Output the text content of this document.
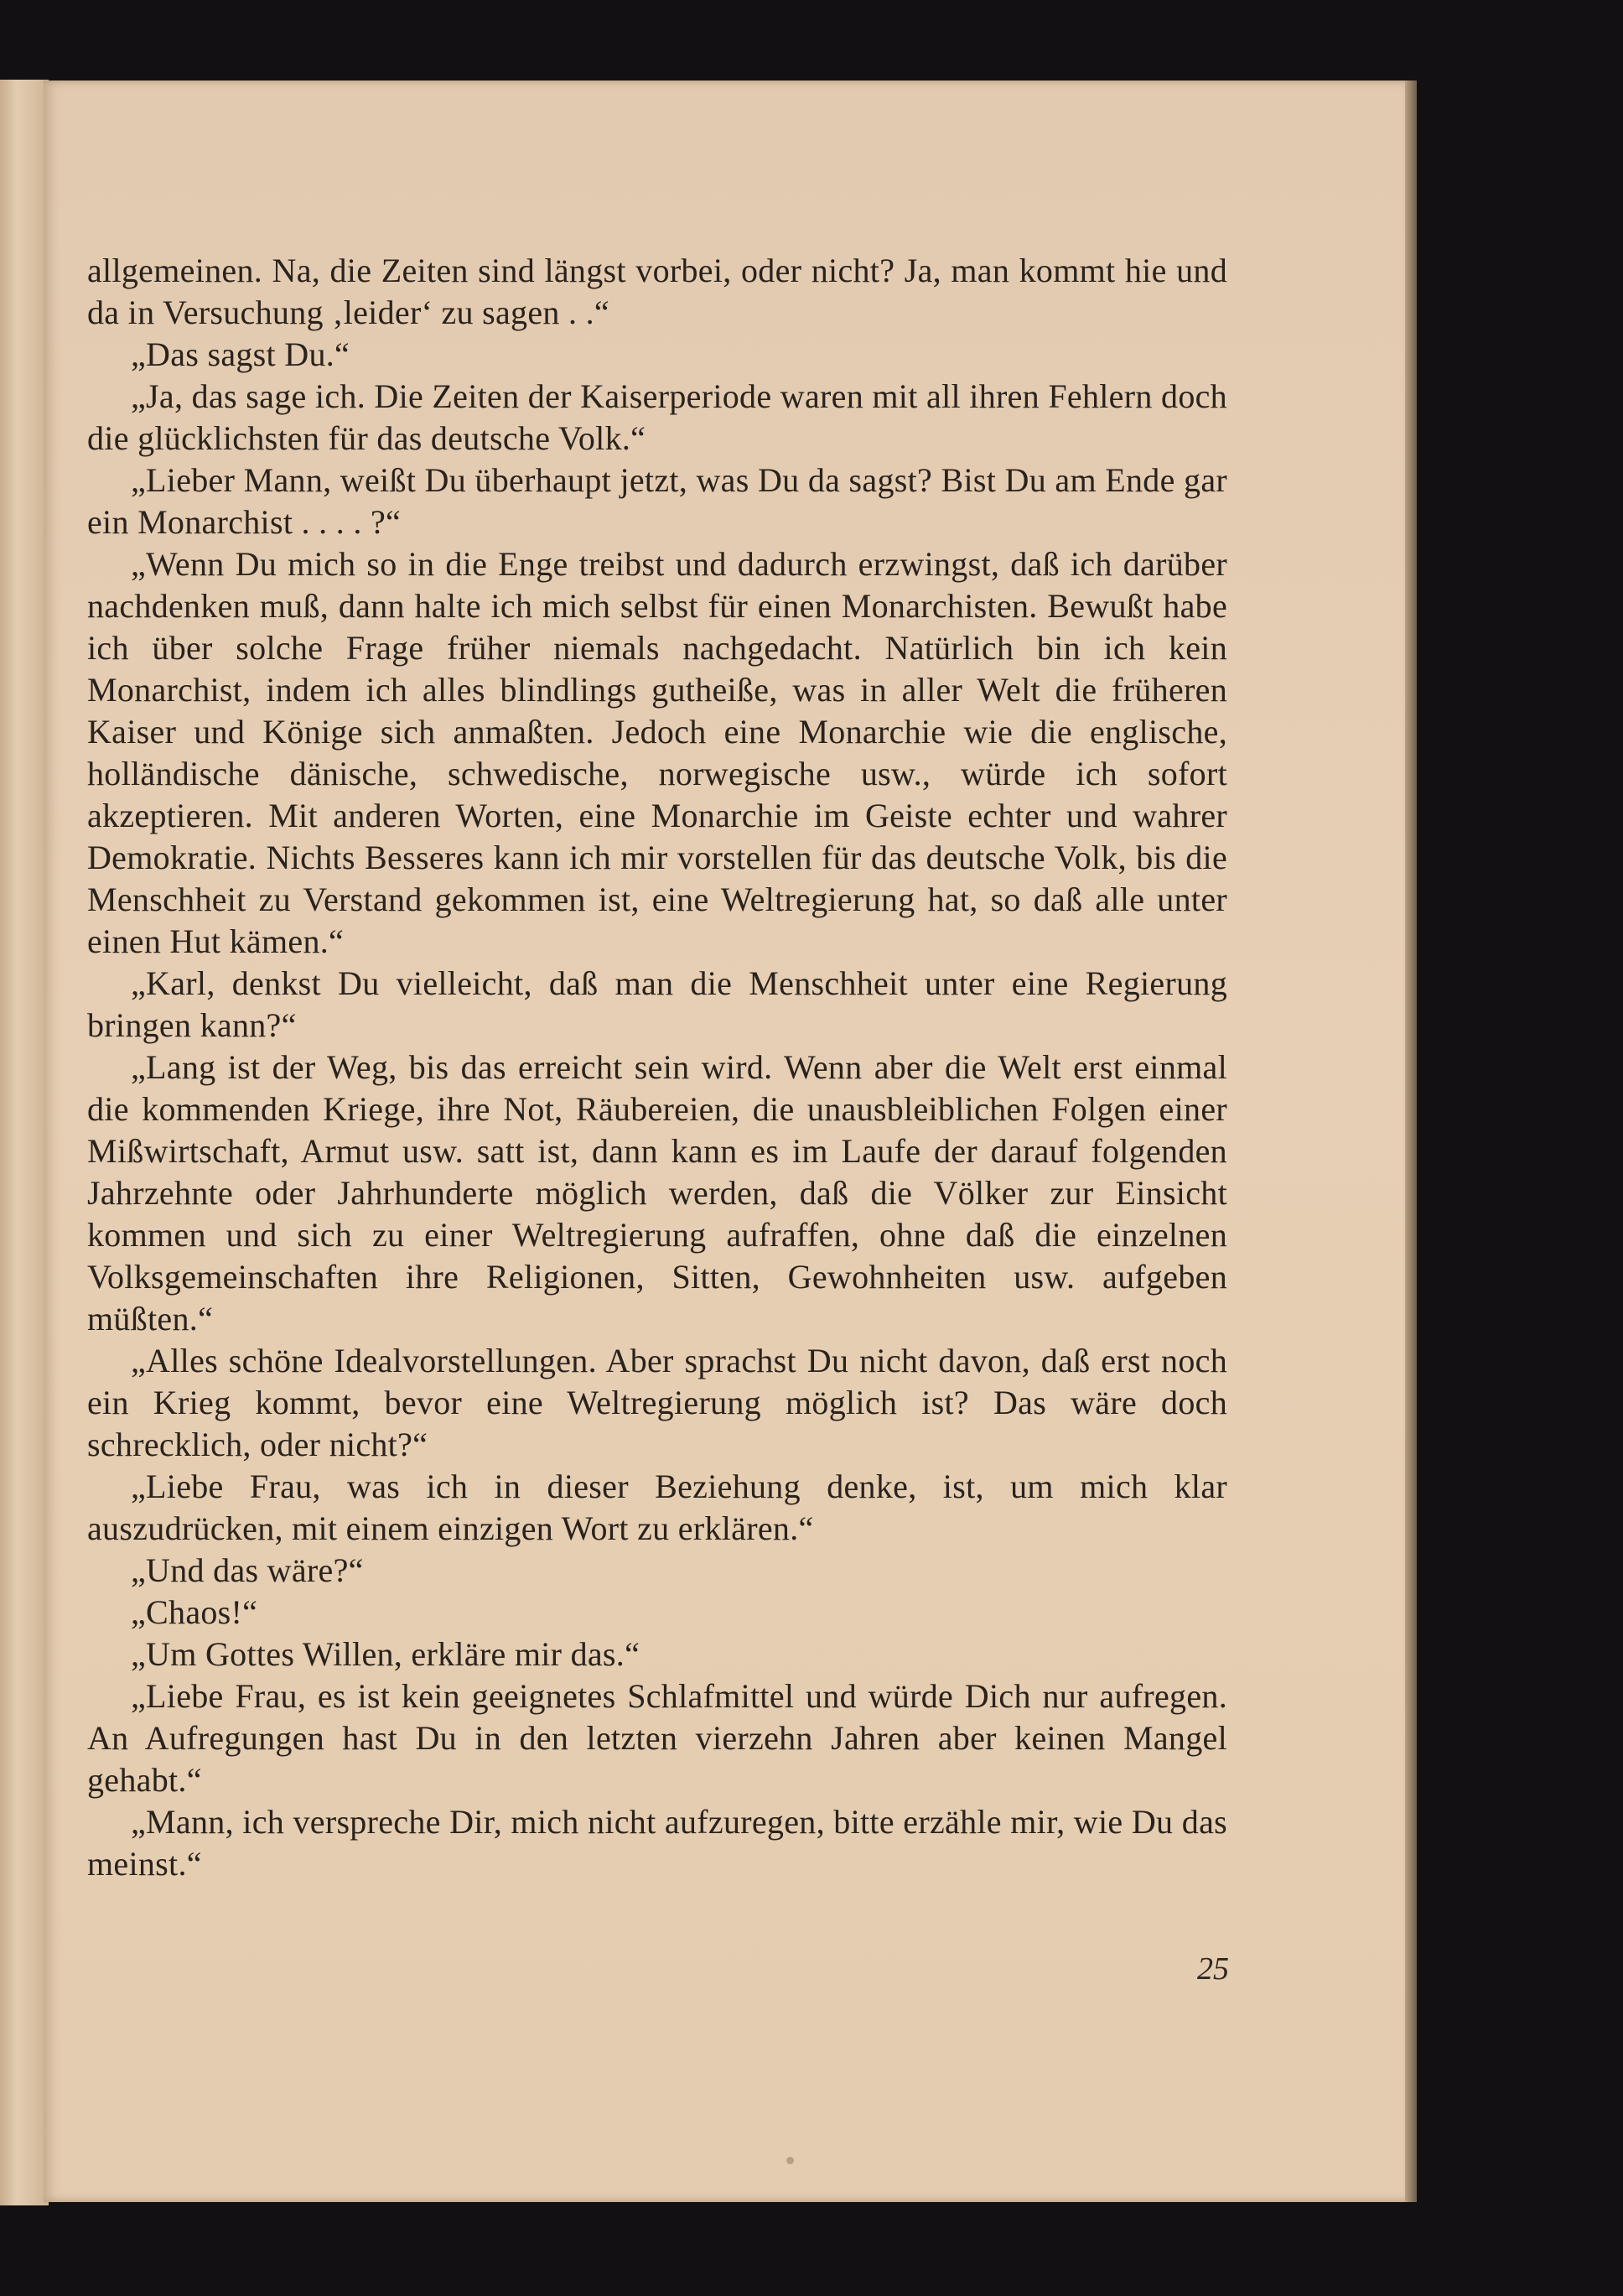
allgemeinen. Na, die Zeiten sind längst vorbei, oder nicht? Ja, man kommt hie und da in Versuchung ‚leider‘ zu sagen . .“

„Das sagst Du.“

„Ja, das sage ich. Die Zeiten der Kaiserperiode waren mit all ihren Fehlern doch die glücklichsten für das deutsche Volk.“

„Lieber Mann, weißt Du überhaupt jetzt, was Du da sagst? Bist Du am Ende gar ein Monarchist . . . . ?“

„Wenn Du mich so in die Enge treibst und dadurch erzwingst, daß ich darüber nachdenken muß, dann halte ich mich selbst für einen Monarchisten. Bewußt habe ich über solche Frage früher niemals nachgedacht. Natürlich bin ich kein Monarchist, indem ich alles blindlings gutheiße, was in aller Welt die früheren Kaiser und Könige sich anmaßten. Jedoch eine Monarchie wie die englische, holländische dänische, schwedische, norwegische usw., würde ich sofort akzeptieren. Mit anderen Worten, eine Monarchie im Geiste echter und wahrer Demokratie. Nichts Besseres kann ich mir vorstellen für das deutsche Volk, bis die Menschheit zu Verstand gekommen ist, eine Weltregierung hat, so daß alle unter einen Hut kämen.“

„Karl, denkst Du vielleicht, daß man die Menschheit unter eine Regierung bringen kann?“

„Lang ist der Weg, bis das erreicht sein wird. Wenn aber die Welt erst einmal die kommenden Kriege, ihre Not, Räubereien, die unausbleiblichen Folgen einer Mißwirtschaft, Armut usw. satt ist, dann kann es im Laufe der darauf folgenden Jahrzehnte oder Jahrhunderte möglich werden, daß die Völker zur Einsicht kommen und sich zu einer Weltregierung aufraffen, ohne daß die einzelnen Volksgemeinschaften ihre Religionen, Sitten, Gewohnheiten usw. aufgeben müßten.“

„Alles schöne Idealvorstellungen. Aber sprachst Du nicht davon, daß erst noch ein Krieg kommt, bevor eine Weltregierung möglich ist? Das wäre doch schrecklich, oder nicht?“

„Liebe Frau, was ich in dieser Beziehung denke, ist, um mich klar auszudrücken, mit einem einzigen Wort zu erklären.“

„Und das wäre?“

„Chaos!“

„Um Gottes Willen, erkläre mir das.“

„Liebe Frau, es ist kein geeignetes Schlafmittel und würde Dich nur aufregen. An Aufregungen hast Du in den letzten vierzehn Jahren aber keinen Mangel gehabt.“

„Mann, ich verspreche Dir, mich nicht aufzuregen, bitte erzähle mir, wie Du das meinst.“

25
